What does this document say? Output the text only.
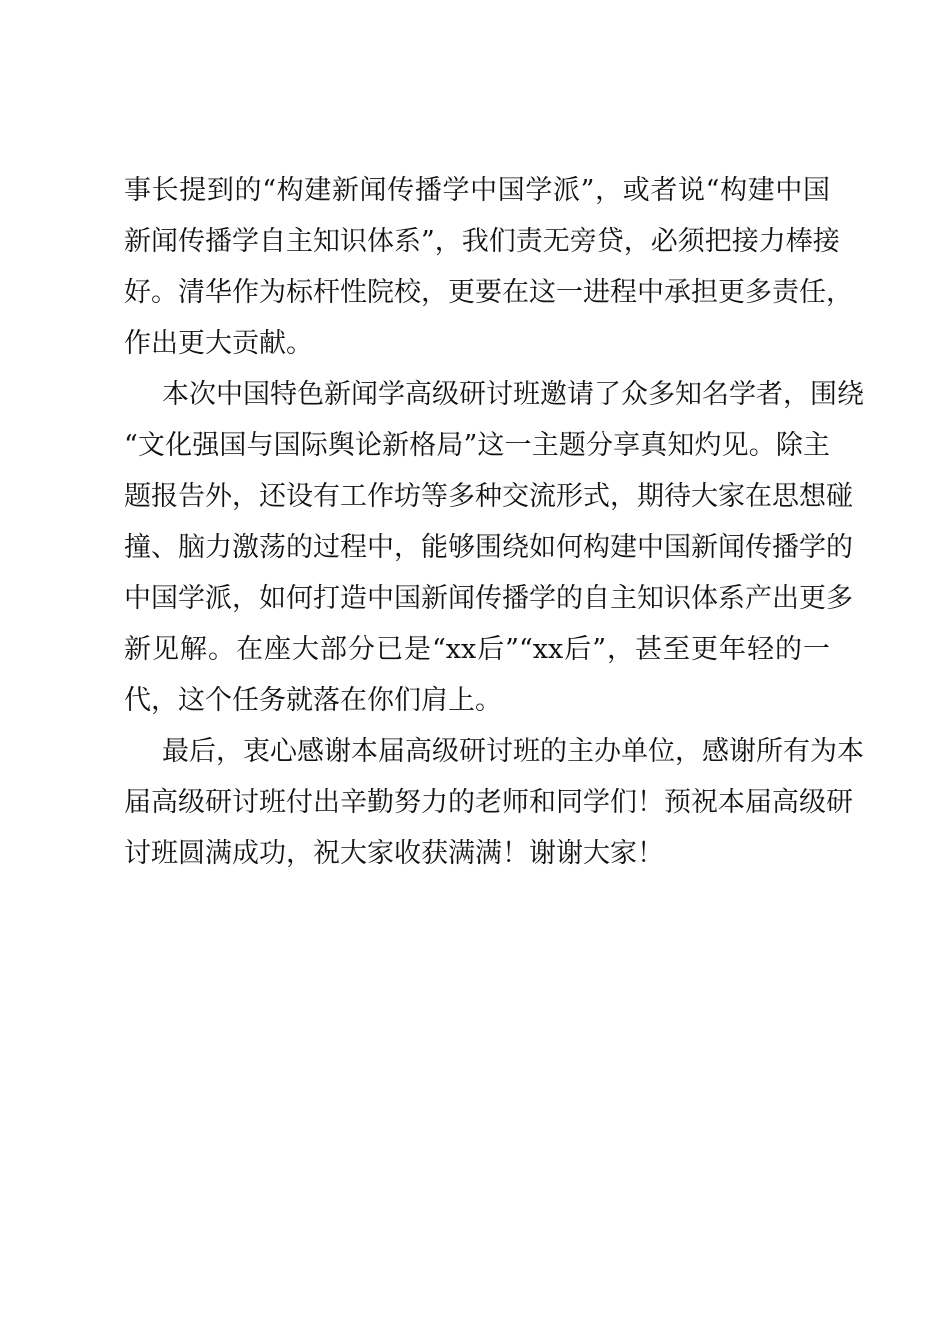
事长提到的“构建新闻传播学中国学派”，或者说“构建中国
新闻传播学自主知识体系”，我们责无旁贷，必须把接力棒接
好。清华作为标杆性院校，更要在这一进程中承担更多责任，
作出更大贡献。
本次中国特色新闻学高级研讨班邀请了众多知名学者，围绕
“文化强国与国际舆论新格局”这一主题分享真知灼见。除主
题报告外，还设有工作坊等多种交流形式，期待大家在思想碰
撞、脑力激荡的过程中，能够围绕如何构建中国新闻传播学的
中国学派，如何打造中国新闻传播学的自主知识体系产出更多
新见解。在座大部分已是“xx后”“xx后”，甚至更年轻的一
代，这个任务就落在你们肩上。
最后，衷心感谢本届高级研讨班的主办单位，感谢所有为本
届高级研讨班付出辛勤努力的老师和同学们！预祝本届高级研
讨班圆满成功，祝大家收获满满！谢谢大家！
